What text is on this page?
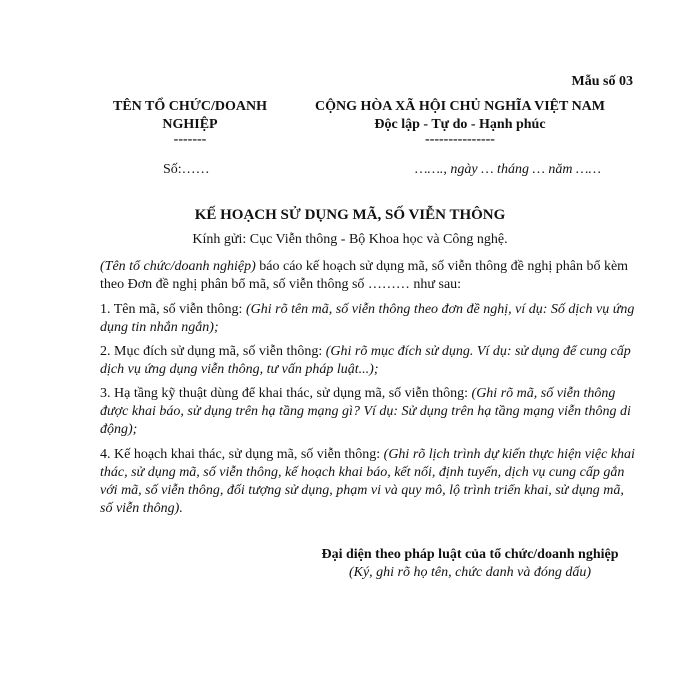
Mẫu số 03
TÊN TỔ CHỨC/DOANH
NGHIỆP
-------
CỘNG HÒA XÃ HỘI CHỦ NGHĨA VIỆT NAM
Độc lập - Tự do - Hạnh phúc
---------------
Số:……	……., ngày … tháng … năm ……
KẾ HOẠCH SỬ DỤNG MÃ, SỐ VIỄN THÔNG
Kính gửi: Cục Viễn thông - Bộ Khoa học và Công nghệ.
(Tên tổ chức/doanh nghiệp) báo cáo kế hoạch sử dụng mã, số viễn thông đề nghị phân bổ kèm theo Đơn đề nghị phân bổ mã, số viễn thông số ……… như sau:
1. Tên mã, số viễn thông: (Ghi rõ tên mã, số viễn thông theo đơn đề nghị, ví dụ: Số dịch vụ ứng dụng tin nhắn ngắn);
2. Mục đích sử dụng mã, số viễn thông: (Ghi rõ mục đích sử dụng. Ví dụ: sử dụng để cung cấp dịch vụ ứng dụng viễn thông, tư vấn pháp luật...);
3. Hạ tầng kỹ thuật dùng để khai thác, sử dụng mã, số viễn thông: (Ghi rõ mã, số viễn thông được khai báo, sử dụng trên hạ tầng mạng gì? Ví dụ: Sử dụng trên hạ tầng mạng viễn thông di động);
4. Kế hoạch khai thác, sử dụng mã, số viễn thông: (Ghi rõ lịch trình dự kiến thực hiện việc khai thác, sử dụng mã, số viễn thông, kế hoạch khai báo, kết nối, định tuyến, dịch vụ cung cấp gắn với mã, số viễn thông, đối tượng sử dụng, phạm vi và quy mô, lộ trình triển khai, sử dụng mã, số viễn thông).
Đại diện theo pháp luật của tổ chức/doanh nghiệp
(Ký, ghi rõ họ tên, chức danh và đóng dấu)
